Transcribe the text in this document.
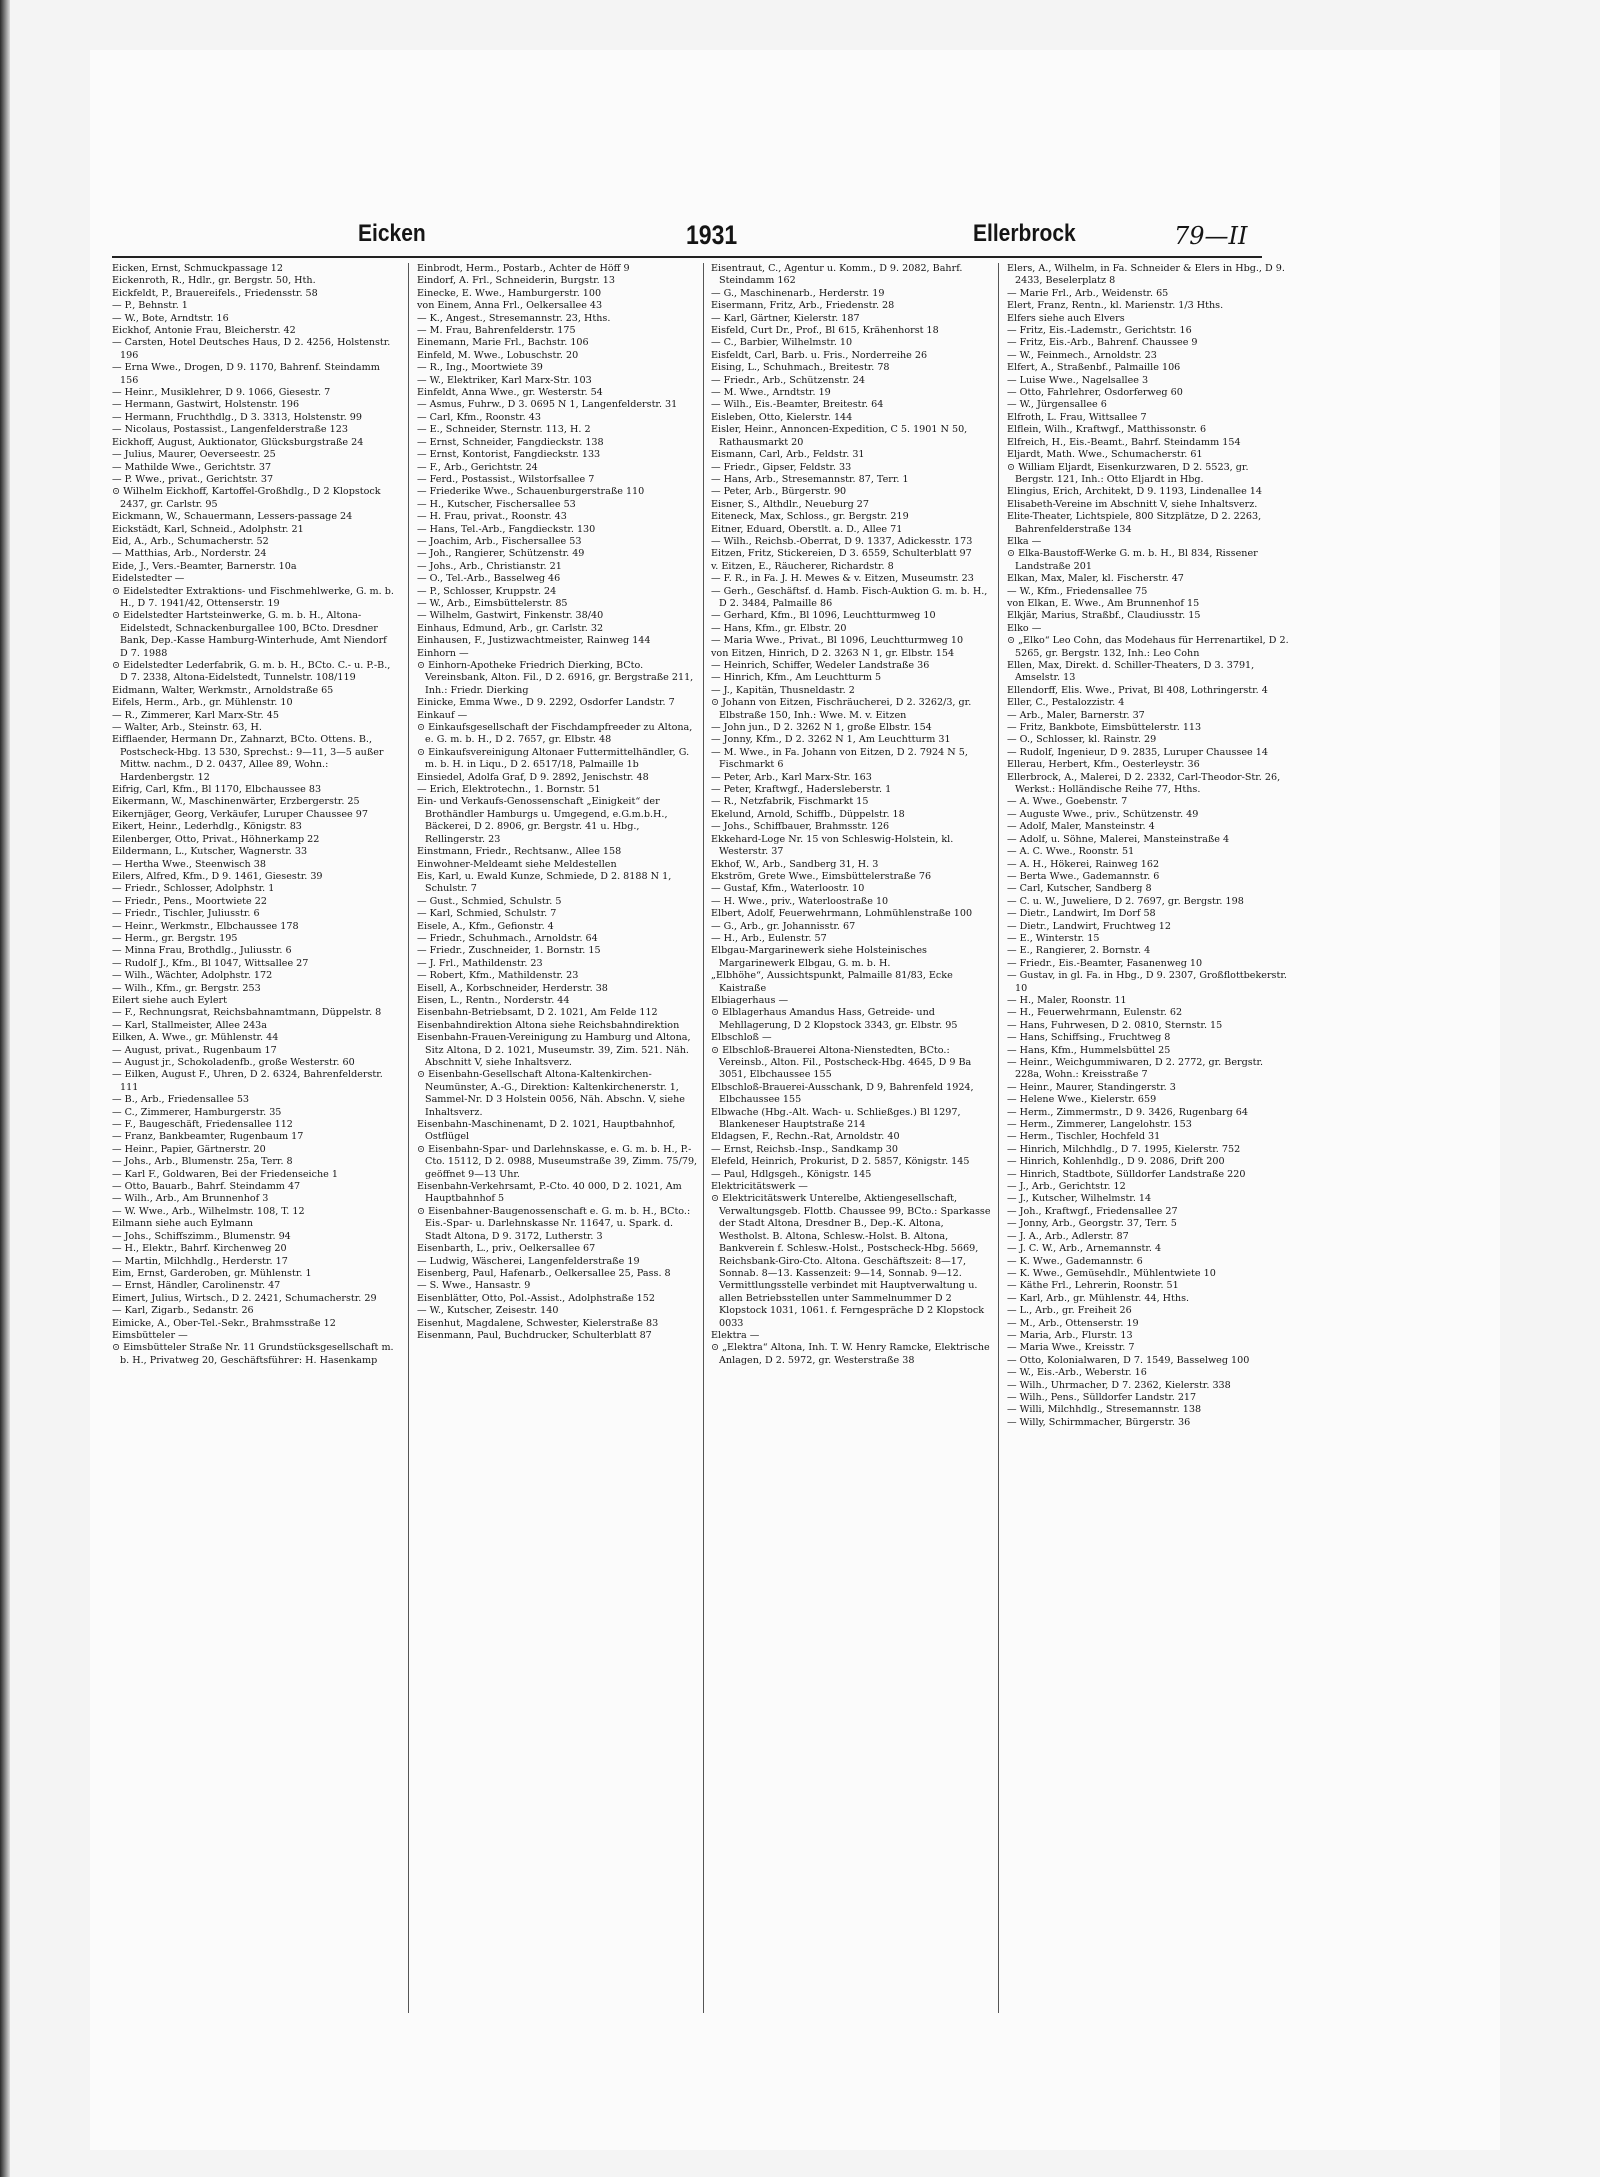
Eicken	1931	Ellerbrock	79—II

Eicken, Ernst, Schmuckpassage 12

Eickenroth, R., Hdlr., gr. Bergstr. 50, Hth.

Eickfeldt, P., Brauereifels., Friedensstr. 58

— P., Behnstr. 1

— W., Bote, Arndtstr. 16

Eickhof, Antonie Frau, Bleicherstr. 42

— Carsten, Hotel Deutsches Haus, D 2. 4256, Holstenstr. 196

— Erna Wwe., Drogen, D 9. 1170, Bahrenf. Steindamm 156

— Heinr., Musiklehrer, D 9. 1066, Giesestr. 7

— Hermann, Gastwirt, Holstenstr. 196

— Hermann, Fruchthdlg., D 3. 3313, Holstenstr. 99

— Nicolaus, Postassist., Langenfelderstraße 123

Eickhoff, August, Auktionator, Glücksburgstraße 24

— Julius, Maurer, Oeverseestr. 25

— Mathilde Wwe., Gerichtstr. 37

— P. Wwe., privat., Gerichtstr. 37

⊙ Wilhelm Eickhoff, Kartoffel-Großhdlg., D 2 Klopstock 2437, gr. Carlstr. 95

Eickmann, W., Schauermann, Lessers-passage 24

Eickstädt, Karl, Schneid., Adolphstr. 21

Eid, A., Arb., Schumacherstr. 52

— Matthias, Arb., Norderstr. 24

Eide, J., Vers.-Beamter, Barnerstr. 10a

Eidelstedter —

⊙ Eidelstedter Extraktions- und Fischmehlwerke, G. m. b. H., D 7. 1941/42, Ottenserstr. 19

⊙ Eidelstedter Hartsteinwerke, G. m. b. H., Altona-Eidelstedt, Schnackenburgallee 100, BCto. Dresdner Bank, Dep.-Kasse Hamburg-Winterhude, Amt Niendorf D 7. 1988

⊙ Eidelstedter Lederfabrik, G. m. b. H., BCto. C.- u. P.-B., D 7. 2338, Altona-Eidelstedt, Tunnelstr. 108/119

Eidmann, Walter, Werkmstr., Arnoldstraße 65

Eifels, Herm., Arb., gr. Mühlenstr. 10

— R., Zimmerer, Karl Marx-Str. 45

— Walter, Arb., Steinstr. 63, H.

Eifflaender, Hermann Dr., Zahnarzt, BCto. Ottens. B., Postscheck-Hbg. 13 530, Sprechst.: 9—11, 3—5 außer Mittw. nachm., D 2. 0437, Allee 89, Wohn.: Hardenbergstr. 12

Eifrig, Carl, Kfm., Bl 1170, Elbchaussee 83

Eikermann, W., Maschinenwärter, Erzbergerstr. 25

Eikernjäger, Georg, Verkäufer, Luruper Chaussee 97

Eikert, Heinr., Lederhdlg., Königstr. 83

Eilenberger, Otto, Privat., Höhnerkamp 22

Eildermann, L., Kutscher, Wagnerstr. 33

— Hertha Wwe., Steenwisch 38

Eilers, Alfred, Kfm., D 9. 1461, Giesestr. 39

— Friedr., Schlosser, Adolphstr. 1

— Friedr., Pens., Moortwiete 22

— Friedr., Tischler, Juliusstr. 6

— Heinr., Werkmstr., Elbchaussee 178

— Herm., gr. Bergstr. 195

— Minna Frau, Brothdlg., Juliusstr. 6

— Rudolf J., Kfm., Bl 1047, Wittsallee 27

— Wilh., Wächter, Adolphstr. 172

— Wilh., Kfm., gr. Bergstr. 253

Eilert siehe auch Eylert

— F., Rechnungsrat, Reichsbahnamtmann, Düppelstr. 8

— Karl, Stallmeister, Allee 243a

Eilken, A. Wwe., gr. Mühlenstr. 44

— August, privat., Rugenbaum 17

— August jr., Schokoladenfb., große Westerstr. 60

— Eilken, August F., Uhren, D 2. 6324, Bahrenfelderstr. 111

— B., Arb., Friedensallee 53

— C., Zimmerer, Hamburgerstr. 35

— F., Baugeschäft, Friedensallee 112

— Franz, Bankbeamter, Rugenbaum 17

— Heinr., Papier, Gärtnerstr. 20

— Johs., Arb., Blumenstr. 25a, Terr. 8

— Karl F., Goldwaren, Bei der Friedenseiche 1

— Otto, Bauarb., Bahrf. Steindamm 47

— Wilh., Arb., Am Brunnenhof 3

— W. Wwe., Arb., Wilhelmstr. 108, T. 12

Eilmann siehe auch Eylmann

— Johs., Schiffszimm., Blumenstr. 94

— H., Elektr., Bahrf. Kirchenweg 20

— Martin, Milchhdlg., Herderstr. 17

Eim, Ernst, Garderoben, gr. Mühlenstr. 1

— Ernst, Händler, Carolinenstr. 47

Eimert, Julius, Wirtsch., D 2. 2421, Schumacherstr. 29

— Karl, Zigarb., Sedanstr. 26

Eimicke, A., Ober-Tel.-Sekr., Brahmsstraße 12

Eimsbütteler —

⊙ Eimsbütteler Straße Nr. 11 Grundstücksgesellschaft m. b. H., Privatweg 20, Geschäftsführer: H. Hasenkamp

Einbrodt, Herm., Postarb., Achter de Höff 9

Eindorf, A. Frl., Schneiderin, Burgstr. 13

Einecke, E. Wwe., Hamburgerstr. 100

von Einem, Anna Frl., Oelkersallee 43

— K., Angest., Stresemannstr. 23, Hths.

— M. Frau, Bahrenfelderstr. 175

Einemann, Marie Frl., Bachstr. 106

Einfeld, M. Wwe., Lobuschstr. 20

— R., Ing., Moortwiete 39

— W., Elektriker, Karl Marx-Str. 103

Einfeldt, Anna Wwe., gr. Westerstr. 54

— Asmus, Fuhrw., D 3. 0695 N 1, Langenfelderstr. 31

— Carl, Kfm., Roonstr. 43

— E., Schneider, Sternstr. 113, H. 2

— Ernst, Schneider, Fangdieckstr. 138

— Ernst, Kontorist, Fangdieckstr. 133

— F., Arb., Gerichtstr. 24

— Ferd., Postassist., Wilstorfsallee 7

— Friederike Wwe., Schauenburgerstraße 110

— H., Kutscher, Fischersallee 53

— H. Frau, privat., Roonstr. 43

— Hans, Tel.-Arb., Fangdieckstr. 130

— Joachim, Arb., Fischersallee 53

— Joh., Rangierer, Schützenstr. 49

— Johs., Arb., Christianstr. 21

— O., Tel.-Arb., Basselweg 46

— P., Schlosser, Kruppstr. 24

— W., Arb., Eimsbüttelerstr. 85

— Wilhelm, Gastwirt, Finkenstr. 38/40

Einhaus, Edmund, Arb., gr. Carlstr. 32

Einhausen, F., Justizwachtmeister, Rainweg 144

Einhorn —

⊙ Einhorn-Apotheke Friedrich Dierking, BCto. Vereinsbank, Alton. Fil., D 2. 6916, gr. Bergstraße 211, Inh.: Friedr. Dierking

Einicke, Emma Wwe., D 9. 2292, Osdorfer Landstr. 7

Einkauf —

⊙ Einkaufsgesellschaft der Fischdampfreeder zu Altona, e. G. m. b. H., D 2. 7657, gr. Elbstr. 48

⊙ Einkaufsvereinigung Altonaer Futtermittelhändler, G. m. b. H. in Liqu., D 2. 6517/18, Palmaille 1b

Einsiedel, Adolfa Graf, D 9. 2892, Jenischstr. 48

— Erich, Elektrotechn., 1. Bornstr. 51

Ein- und Verkaufs-Genossenschaft „Einigkeit“ der Brothändler Hamburgs u. Umgegend, e.G.m.b.H., Bäckerei, D 2. 8906, gr. Bergstr. 41 u. Hbg., Rellingerstr. 23

Einstmann, Friedr., Rechtsanw., Allee 158

Einwohner-Meldeamt siehe Meldestellen

Eis, Karl, u. Ewald Kunze, Schmiede, D 2. 8188 N 1, Schulstr. 7

— Gust., Schmied, Schulstr. 5

— Karl, Schmied, Schulstr. 7

Eisele, A., Kfm., Gefionstr. 4

— Friedr., Schuhmach., Arnoldstr. 64

— Friedr., Zuschneider, 1. Bornstr. 15

— J. Frl., Mathildenstr. 23

— Robert, Kfm., Mathildenstr. 23

Eisell, A., Korbschneider, Herderstr. 38

Eisen, L., Rentn., Norderstr. 44

Eisenbahn-Betriebsamt, D 2. 1021, Am Felde 112

Eisenbahndirektion Altona siehe Reichsbahndirektion

Eisenbahn-Frauen-Vereinigung zu Hamburg und Altona, Sitz Altona, D 2. 1021, Museumstr. 39, Zim. 521. Näh. Abschnitt V, siehe Inhaltsverz.

⊙ Eisenbahn-Gesellschaft Altona-Kaltenkirchen-Neumünster, A.-G., Direktion: Kaltenkirchenerstr. 1, Sammel-Nr. D 3 Holstein 0056, Näh. Abschn. V, siehe Inhaltsverz.

Eisenbahn-Maschinenamt, D 2. 1021, Hauptbahnhof, Ostflügel

⊙ Eisenbahn-Spar- und Darlehnskasse, e. G. m. b. H., P.-Cto. 15112, D 2. 0988, Museumstraße 39, Zimm. 75/79, geöffnet 9—13 Uhr.

Eisenbahn-Verkehrsamt, P.-Cto. 40 000, D 2. 1021, Am Hauptbahnhof 5

⊙ Eisenbahner-Baugenossenschaft e. G. m. b. H., BCto.: Eis.-Spar- u. Darlehnskasse Nr. 11647, u. Spark. d. Stadt Altona, D 9. 3172, Lutherstr. 3

Eisenbarth, L., priv., Oelkersallee 67

— Ludwig, Wäscherei, Langenfelderstraße 19

Eisenberg, Paul, Hafenarb., Oelkersallee 25, Pass. 8

— S. Wwe., Hansastr. 9

Eisenblätter, Otto, Pol.-Assist., Adolphstraße 152

— W., Kutscher, Zeisestr. 140

Eisenhut, Magdalene, Schwester, Kielerstraße 83

Eisenmann, Paul, Buchdrucker, Schulterblatt 87

Eisentraut, C., Agentur u. Komm., D 9. 2082, Bahrf. Steindamm 162

— G., Maschinenarb., Herderstr. 19

Eisermann, Fritz, Arb., Friedenstr. 28

— Karl, Gärtner, Kielerstr. 187

Eisfeld, Curt Dr., Prof., Bl 615, Krähenhorst 18

— C., Barbier, Wilhelmstr. 10

Eisfeldt, Carl, Barb. u. Fris., Norderreihe 26

Eising, L., Schuhmach., Breitestr. 78

— Friedr., Arb., Schützenstr. 24

— M. Wwe., Arndtstr. 19

— Wilh., Eis.-Beamter, Breitestr. 64

Eisleben, Otto, Kielerstr. 144

Eisler, Heinr., Annoncen-Expedition, C 5. 1901 N 50, Rathausmarkt 20

Eismann, Carl, Arb., Feldstr. 31

— Friedr., Gipser, Feldstr. 33

— Hans, Arb., Stresemannstr. 87, Terr. 1

— Peter, Arb., Bürgerstr. 90

Eisner, S., Althdlr., Neueburg 27

Eiteneck, Max, Schloss., gr. Bergstr. 219

Eitner, Eduard, Oberstlt. a. D., Allee 71

— Wilh., Reichsb.-Oberrat, D 9. 1337, Adickesstr. 173

Eitzen, Fritz, Stickereien, D 3. 6559, Schulterblatt 97

v. Eitzen, E., Räucherer, Richardstr. 8

— F. R., in Fa. J. H. Mewes & v. Eitzen, Museumstr. 23

— Gerh., Geschäftsf. d. Hamb. Fisch-Auktion G. m. b. H., D 2. 3484, Palmaille 86

— Gerhard, Kfm., Bl 1096, Leuchtturmweg 10

— Hans, Kfm., gr. Elbstr. 20

— Maria Wwe., Privat., Bl 1096, Leuchtturmweg 10

von Eitzen, Hinrich, D 2. 3263 N 1, gr. Elbstr. 154

— Heinrich, Schiffer, Wedeler Landstraße 36

— Hinrich, Kfm., Am Leuchtturm 5

— J., Kapitän, Thusneldastr. 2

⊙ Johann von Eitzen, Fischräucherei, D 2. 3262/3, gr. Elbstraße 150, Inh.: Wwe. M. v. Eitzen

— John jun., D 2. 3262 N 1, große Elbstr. 154

— Jonny, Kfm., D 2. 3262 N 1, Am Leuchtturm 31

— M. Wwe., in Fa. Johann von Eitzen, D 2. 7924 N 5, Fischmarkt 6

— Peter, Arb., Karl Marx-Str. 163

— Peter, Kraftwgf., Hadersleberstr. 1

— R., Netzfabrik, Fischmarkt 15

Ekelund, Arnold, Schiffb., Düppelstr. 18

— Johs., Schiffbauer, Brahmsstr. 126

Ekkehard-Loge Nr. 15 von Schleswig-Holstein, kl. Westerstr. 37

Ekhof, W., Arb., Sandberg 31, H. 3

Ekström, Grete Wwe., Eimsbüttelerstraße 76

— Gustaf, Kfm., Waterloostr. 10

— H. Wwe., priv., Waterloostraße 10

Elbert, Adolf, Feuerwehrmann, Lohmühlenstraße 100

— G., Arb., gr. Johannisstr. 67

— H., Arb., Eulenstr. 57

Elbgau-Margarinewerk siehe Holsteinisches Margarinewerk Elbgau, G. m. b. H.

„Elbhöhe“, Aussichtspunkt, Palmaille 81/83, Ecke Kaistraße

Elbiagerhaus —

⊙ Elblagerhaus Amandus Hass, Getreide- und Mehllagerung, D 2 Klopstock 3343, gr. Elbstr. 95

Elbschloß —

⊙ Elbschloß-Brauerei Altona-Nienstedten, BCto.: Vereinsb., Alton. Fil., Postscheck-Hbg. 4645, D 9 Ba 3051, Elbchaussee 155

Elbschloß-Brauerei-Ausschank, D 9, Bahrenfeld 1924, Elbchaussee 155

Elbwache (Hbg.-Alt. Wach- u. Schließges.) Bl 1297, Blankeneser Hauptstraße 214

Eldagsen, F., Rechn.-Rat, Arnoldstr. 40

— Ernst, Reichsb.-Insp., Sandkamp 30

Elefeld, Heinrich, Prokurist, D 2. 5857, Königstr. 145

— Paul, Hdlgsgeh., Königstr. 145

Elektricitätswerk —

⊙ Elektricitätswerk Unterelbe, Aktiengesellschaft, Verwaltungsgeb. Flottb. Chaussee 99, BCto.: Sparkasse der Stadt Altona, Dresdner B., Dep.-K. Altona, Westholst. B. Altona, Schlesw.-Holst. B. Altona, Bankverein f. Schlesw.-Holst., Postscheck-Hbg. 5669, Reichsbank-Giro-Cto. Altona. Geschäftszeit: 8—17, Sonnab. 8—13. Kassenzeit: 9—14, Sonnab. 9—12. Vermittlungsstelle verbindet mit Hauptverwaltung u. allen Betriebsstellen unter Sammelnummer D 2 Klopstock 1031, 1061. f. Ferngespräche D 2 Klopstock 0033

Elektra —

⊙ „Elektra“ Altona, Inh. T. W. Henry Ramcke, Elektrische Anlagen, D 2. 5972, gr. Westerstraße 38

Elers, A., Wilhelm, in Fa. Schneider & Elers in Hbg., D 9. 2433, Beselerplatz 8

— Marie Frl., Arb., Weidenstr. 65

Elert, Franz, Rentn., kl. Marienstr. 1/3 Hths.

Elfers siehe auch Elvers

— Fritz, Eis.-Lademstr., Gerichtstr. 16

— Fritz, Eis.-Arb., Bahrenf. Chaussee 9

— W., Feinmech., Arnoldstr. 23

Elfert, A., Straßenbf., Palmaille 106

— Luise Wwe., Nagelsallee 3

— Otto, Fahrlehrer, Osdorferweg 60

— W., Jürgensallee 6

Elfroth, L. Frau, Wittsallee 7

Elflein, Wilh., Kraftwgf., Matthissonstr. 6

Elfreich, H., Eis.-Beamt., Bahrf. Steindamm 154

Eljardt, Math. Wwe., Schumacherstr. 61

⊙ William Eljardt, Eisenkurzwaren, D 2. 5523, gr. Bergstr. 121, Inh.: Otto Eljardt in Hbg.

Elingius, Erich, Architekt, D 9. 1193, Lindenallee 14

Elisabeth-Vereine im Abschnitt V, siehe Inhaltsverz.

Elite-Theater, Lichtspiele, 800 Sitzplätze, D 2. 2263, Bahrenfelderstraße 134

Elka —

⊙ Elka-Baustoff-Werke G. m. b. H., Bl 834, Rissener Landstraße 201

Elkan, Max, Maler, kl. Fischerstr. 47

— W., Kfm., Friedensallee 75

von Elkan, E. Wwe., Am Brunnenhof 15

Elkjär, Marius, Straßbf., Claudiusstr. 15

Elko —

⊙ „Elko“ Leo Cohn, das Modehaus für Herrenartikel, D 2. 5265, gr. Bergstr. 132, Inh.: Leo Cohn

Ellen, Max, Direkt. d. Schiller-Theaters, D 3. 3791, Amselstr. 13

Ellendorff, Elis. Wwe., Privat, Bl 408, Lothringerstr. 4

Eller, C., Pestalozzistr. 4

— Arb., Maler, Barnerstr. 37

— Fritz, Bankbote, Eimsbüttelerstr. 113

— O., Schlosser, kl. Rainstr. 29

— Rudolf, Ingenieur, D 9. 2835, Luruper Chaussee 14

Ellerau, Herbert, Kfm., Oesterleystr. 36

Ellerbrock, A., Malerei, D 2. 2332, Carl-Theodor-Str. 26, Werkst.: Holländische Reihe 77, Hths.

— A. Wwe., Goebenstr. 7

— Auguste Wwe., priv., Schützenstr. 49

— Adolf, Maler, Mansteinstr. 4

— Adolf, u. Söhne, Malerei, Mansteinstraße 4

— A. C. Wwe., Roonstr. 51

— A. H., Hökerei, Rainweg 162

— Berta Wwe., Gademannstr. 6

— Carl, Kutscher, Sandberg 8

— C. u. W., Juweliere, D 2. 7697, gr. Bergstr. 198

— Dietr., Landwirt, Im Dorf 58

— Dietr., Landwirt, Fruchtweg 12

— E., Winterstr. 15

— E., Rangierer, 2. Bornstr. 4

— Friedr., Eis.-Beamter, Fasanenweg 10

— Gustav, in gl. Fa. in Hbg., D 9. 2307, Großflottbekerstr. 10

— H., Maler, Roonstr. 11

— H., Feuerwehrmann, Eulenstr. 62

— Hans, Fuhrwesen, D 2. 0810, Sternstr. 15

— Hans, Schiffsing., Fruchtweg 8

— Hans, Kfm., Hummelsbüttel 25

— Heinr., Weichgummiwaren, D 2. 2772, gr. Bergstr. 228a, Wohn.: Kreisstraße 7

— Heinr., Maurer, Standingerstr. 3

— Helene Wwe., Kielerstr. 659

— Herm., Zimmermstr., D 9. 3426, Rugenbarg 64

— Herm., Zimmerer, Langelohstr. 153

— Herm., Tischler, Hochfeld 31

— Hinrich, Milchhdlg., D 7. 1995, Kielerstr. 752

— Hinrich, Kohlenhdlg., D 9. 2086, Drift 200

— Hinrich, Stadtbote, Sülldorfer Landstraße 220

— J., Arb., Gerichtstr. 12

— J., Kutscher, Wilhelmstr. 14

— Joh., Kraftwgf., Friedensallee 27

— Jonny, Arb., Georgstr. 37, Terr. 5

— J. A., Arb., Adlerstr. 87

— J. C. W., Arb., Arnemannstr. 4

— K. Wwe., Gademannstr. 6

— K. Wwe., Gemüsehdlr., Mühlentwiete 10

— Käthe Frl., Lehrerin, Roonstr. 51

— Karl, Arb., gr. Mühlenstr. 44, Hths.

— L., Arb., gr. Freiheit 26

— M., Arb., Ottenserstr. 19

— Maria, Arb., Flurstr. 13

— Maria Wwe., Kreisstr. 7

— Otto, Kolonialwaren, D 7. 1549, Basselweg 100

— W., Eis.-Arb., Weberstr. 16

— Wilh., Uhrmacher, D 7. 2362, Kielerstr. 338

— Wilh., Pens., Sülldorfer Landstr. 217

— Willi, Milchhdlg., Stresemannstr. 138

— Willy, Schirmmacher, Bürgerstr. 36
